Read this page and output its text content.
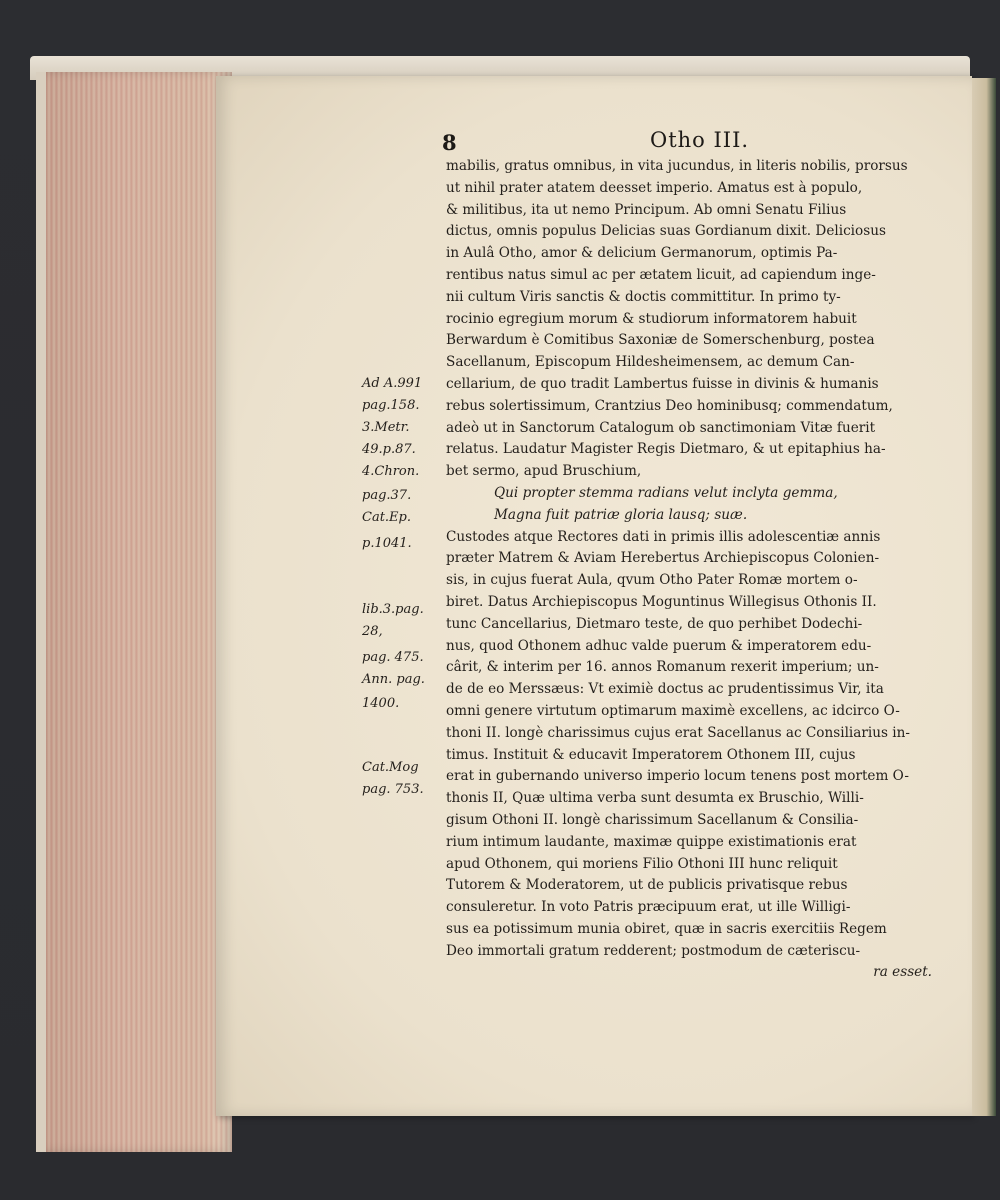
8	Otho III.
mabilis, gratus omnibus, in vita jucundus, in literis nobilis, prorsus
ut nihil prater atatem deesset imperio. Amatus est à populo,
& militibus, ita ut nemo Principum. Ab omni Senatu Filius
dictus, omnis populus Delicias suas Gordianum dixit. Deliciosus
in Aulâ Otho, amor & delicium Germanorum, optimis Pa-
rentibus natus simul ac per ætatem licuit, ad capiendum inge-
nii cultum Viris sanctis & doctis committitur. In primo ty-
rocinio egregium morum & studiorum informatorem habuit
Berwardum è Comitibus Saxoniæ de Somerschenburg, postea
Sacellanum, Episcopum Hildesheimensem, ac demum Can-
cellarium, de quo tradit Lambertus fuisse in divinis & humanis
rebus solertissimum, Crantzius Deo hominibusq; commendatum,
adeò ut in Sanctorum Catalogum ob sanctimoniam Vitæ fuerit
relatus. Laudatur Magister Regis Dietmaro, & ut epitaphius ha-
bet sermo, apud Bruschium,
Qui propter stemma radians velut inclyta gemma,
Magna fuit patriæ gloria lausq; suæ.
Custodes atque Rectores dati in primis illis adolescentiæ annis
præter Matrem & Aviam Herebertus Archiepiscopus Colonien-
sis, in cujus fuerat Aula, qvum Otho Pater Romæ mortem o-
biret. Datus Archiepiscopus Moguntinus Willegisus Othonis II.
tunc Cancellarius, Dietmaro teste, de quo perhibet Dodechi-
nus, quod Othonem adhuc valde puerum & imperatorem edu-
cârit, & interim per 16. annos Romanum rexerit imperium; un-
de de eo Merssæus: Vt eximiè doctus ac prudentissimus Vir, ita
omni genere virtutum optimarum maximè excellens, ac idcirco O-
thoni II. longè charissimus cujus erat Sacellanus ac Consiliarius in-
timus. Instituit & educavit Imperatorem Othonem III, cujus
erat in gubernando universo imperio locum tenens post mortem O-
thonis II, Quæ ultima verba sunt desumta ex Bruschio, Willi-
gisum Othoni II. longè charissimum Sacellanum & Consilia-
rium intimum laudante, maximæ quippe existimationis erat
apud Othonem, qui moriens Filio Othoni III hunc reliquit
Tutorem & Moderatorem, ut de publicis privatisque rebus
consuleretur. In voto Patris præcipuum erat, ut ille Willigi-
sus ea potissimum munia obiret, quæ in sacris exercitiis Regem
Deo immortali gratum redderent; postmodum de cæteriscu-
ra esset.
Ad A.991
pag.158.
3.Metr.
49.p.87.
4.Chron.
pag.37.
Cat.Ep.
p.1041.
lib.3.pag.
28,
pag. 475.
Ann. pag.
1400.
Cat.Mog
pag. 753.
